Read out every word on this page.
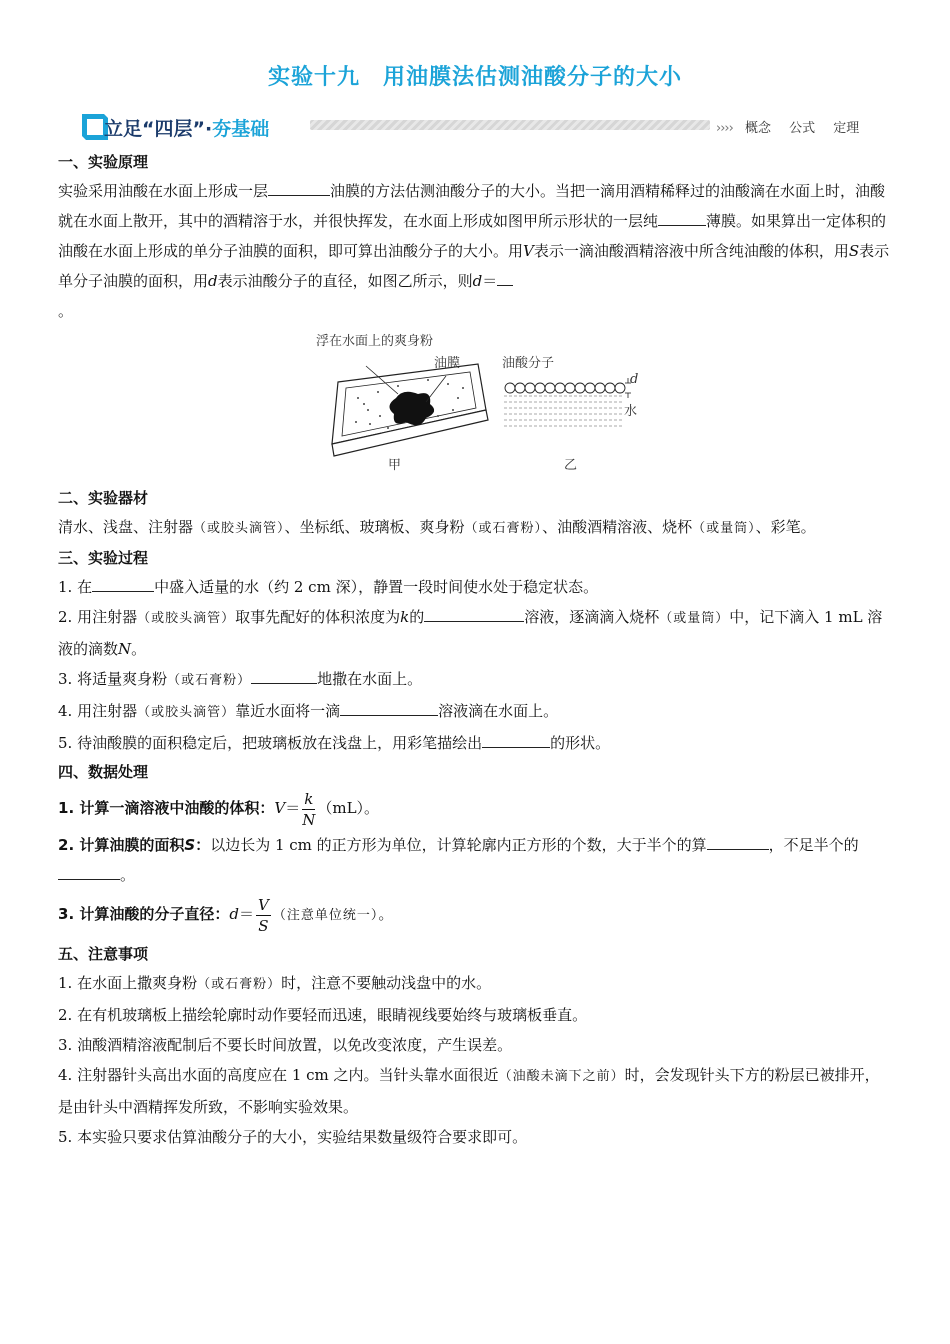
实验十九　用油膜法估测油酸分子的大小
立足“四层”·夯基础	›››› 概念 公式 定理
一、实验原理

实验采用油酸在水面上形成一层	油膜的方法估测油酸分子的大小。当把一滴用酒精稀释过的油酸滴在水面上时，油酸就在水面上散开，其中的酒精溶于水，并很快挥发，在水面上形成如图甲所示形状的一层纯	薄膜。如果算出一定体积的油酸在水面上形成的单分子油膜的面积，即可算出油酸分子的大小。用V表示一滴油酸酒精溶液中所含纯油酸的体积，用S表示单分子油膜的面积，用d表示油酸分子的直径，如图乙所示，则d＝
。

浮在水面上的爽身粉
油膜
甲
油酸分子
d
水
乙
二、实验器材

清水、浅盘、注射器（或胶头滴管）、坐标纸、玻璃板、爽身粉（或石膏粉）、油酸酒精溶液、烧杯（或量筒）、彩笔。

三、实验过程

1. 在	中盛入适量的水（约 2 cm 深），静置一段时间使水处于稳定状态。

2. 用注射器（或胶头滴管）取事先配好的体积浓度为k的	溶液，逐滴滴入烧杯（或量筒）中，记下滴入 1 mL 溶液的滴数N。

3. 将适量爽身粉（或石膏粉）	地撒在水面上。

4. 用注射器（或胶头滴管）靠近水面将一滴	溶液滴在水面上。

5. 待油酸膜的面积稳定后，把玻璃板放在浅盘上，用彩笔描绘出	的形状。

四、数据处理

1. 计算一滴溶液中油酸的体积：$V= \frac{k}{N} (mL)$。

2. 计算油膜的面积S：以边长为 1 cm 的正方形为单位，计算轮廓内正方形的个数，大于半个的算	，不足半个的。

3. 计算油酸的分子直径：$d= \frac{V}{S}$ （注意单位统一）。

五、注意事项

1. 在水面上撒爽身粉（或石膏粉）时，注意不要触动浅盘中的水。

2. 在有机玻璃板上描绘轮廓时动作要轻而迅速，眼睛视线要始终与玻璃板垂直。

3. 油酸酒精溶液配制后不要长时间放置，以免改变浓度，产生误差。

4. 注射器针头高出水面的高度应在 1 cm 之内。当针头靠水面很近（油酸未滴下之前）时，会发现针头下方的粉层已被排开，是由针头中酒精挥发所致，不影响实验效果。

5. 本实验只要求估算油酸分子的大小，实验结果数量级符合要求即可。
